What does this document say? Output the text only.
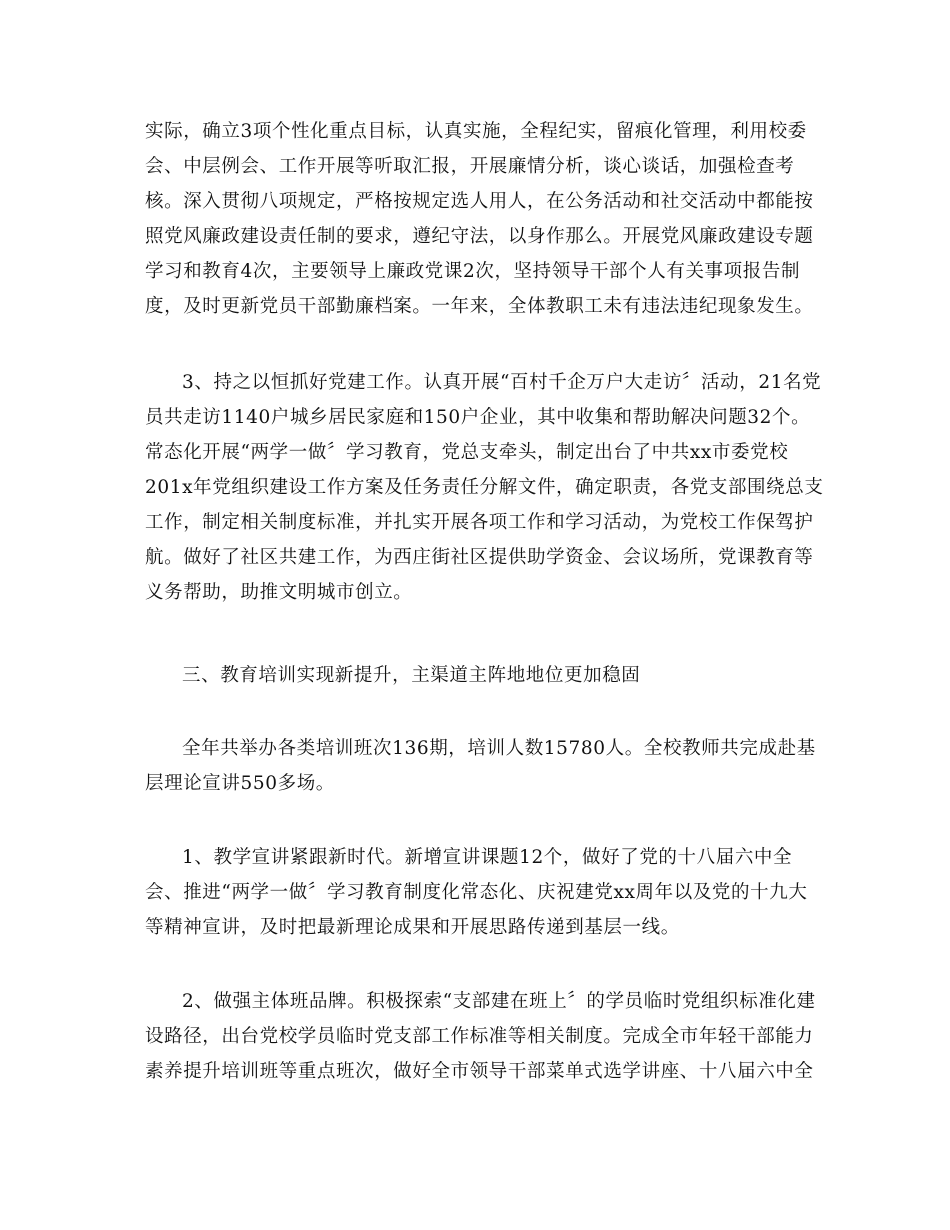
实际，确立3项个性化重点目标，认真实施，全程纪实，留痕化管理，利用校委
会、中层例会、工作开展等听取汇报，开展廉情分析，谈心谈话，加强检查考
核。深入贯彻八项规定，严格按规定选人用人，在公务活动和社交活动中都能按
照党风廉政建设责任制的要求，遵纪守法，以身作那么。开展党风廉政建设专题
学习和教育4次，主要领导上廉政党课2次，坚持领导干部个人有关事项报告制
度，及时更新党员干部勤廉档案。一年来，全体教职工未有违法违纪现象发生。
3、持之以恒抓好党建工作。认真开展“百村千企万户大走访〞活动，21名党
员共走访1140户城乡居民家庭和150户企业，其中收集和帮助解决问题32个。
常态化开展“两学一做〞学习教育，党总支牵头，制定出台了中共xx市委党校
201x年党组织建设工作方案及任务责任分解文件，确定职责，各党支部围绕总支
工作，制定相关制度标准，并扎实开展各项工作和学习活动，为党校工作保驾护
航。做好了社区共建工作，为西庄街社区提供助学资金、会议场所，党课教育等
义务帮助，助推文明城市创立。
三、教育培训实现新提升，主渠道主阵地地位更加稳固
全年共举办各类培训班次136期，培训人数15780人。全校教师共完成赴基
层理论宣讲550多场。
1、教学宣讲紧跟新时代。新增宣讲课题12个，做好了党的十八届六中全
会、推进“两学一做〞学习教育制度化常态化、庆祝建党xx周年以及党的十九大
等精神宣讲，及时把最新理论成果和开展思路传递到基层一线。
2、做强主体班品牌。积极探索“支部建在班上〞的学员临时党组织标准化建
设路径，出台党校学员临时党支部工作标准等相关制度。完成全市年轻干部能力
素养提升培训班等重点班次，做好全市领导干部菜单式选学讲座、十八届六中全
